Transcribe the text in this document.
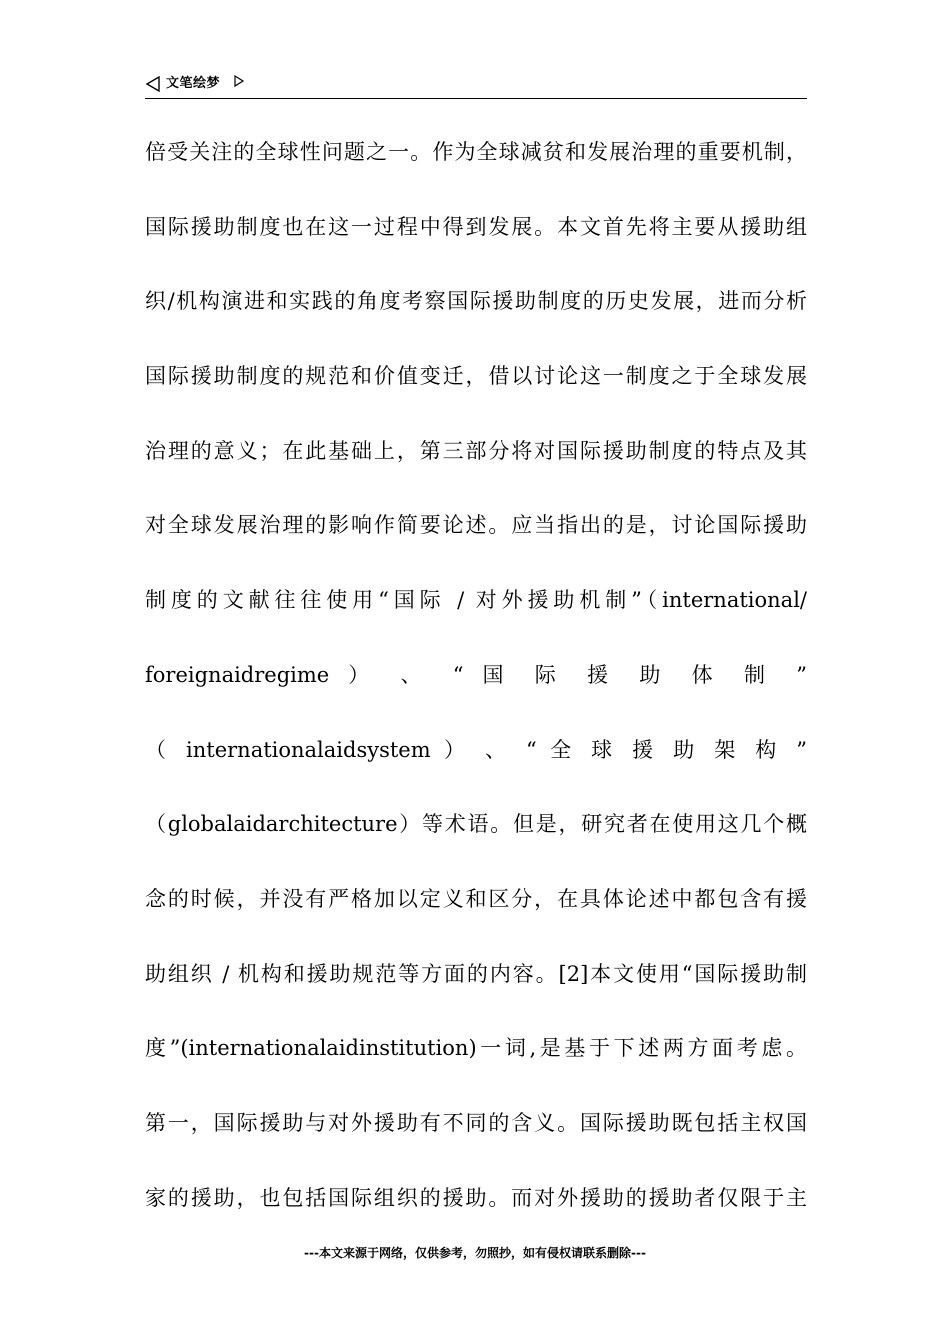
文笔绘梦
倍受关注的全球性问题之一。作为全球减贫和发展治理的重要机制，
国际援助制度也在这一过程中得到发展。本文首先将主要从援助组
织/机构演进和实践的角度考察国际援助制度的历史发展，进而分析
国际援助制度的规范和价值变迁，借以讨论这一制度之于全球发展
治理的意义；在此基础上，第三部分将对国际援助制度的特点及其
对全球发展治理的影响作简要论述。应当指出的是，讨论国际援助
制度的文献往往使用“国际 / 对外援助机制”（international/
foreignaidregime ） 、 “ 国 际 援 助 体 制 ”
（ internationalaidsystem ） 、 “ 全 球 援 助 架 构 ”
（globalaidarchitecture）等术语。但是，研究者在使用这几个概
念的时候，并没有严格加以定义和区分，在具体论述中都包含有援
助组织 / 机构和援助规范等方面的内容。[2]本文使用“国际援助制
度”(internationalaidinstitution)一词,是基于下述两方面考虑。
第一，国际援助与对外援助有不同的含义。国际援助既包括主权国
家的援助，也包括国际组织的援助。而对外援助的援助者仅限于主
---本文来源于网络，仅供参考，勿照抄，如有侵权请联系删除---
